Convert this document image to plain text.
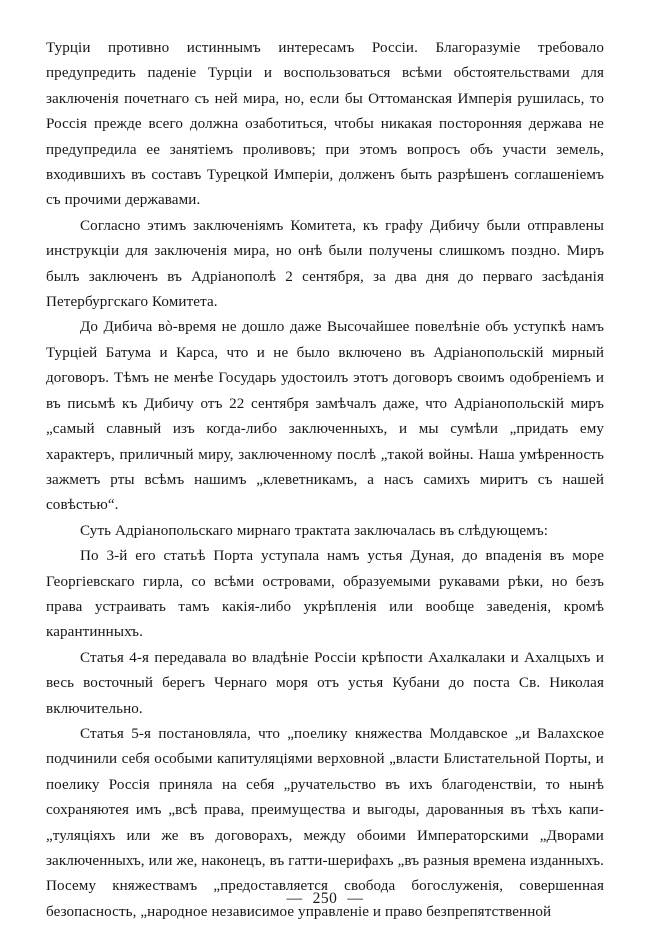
Турціи противно истиннымъ интересамъ Россіи. Благоразуміе требовало предупредить паденіе Турціи и воспользоваться всѣми обстоятельствами для заключенія почетнаго съ ней мира, но, если бы Оттоманская Имперія рушилась, то Россія прежде всего должна озаботиться, чтобы никакая посторонняя держава не предупредила ее занятіемъ проливовъ; при этомъ вопросъ объ участи земель, входившихъ въ составъ Турецкой Имперіи, долженъ быть разрѣшенъ соглашеніемъ съ прочими державами.

Согласно этимъ заключеніямъ Комитета, къ графу Дибичу были отправлены инструкціи для заключенія мира, но онѣ были получены слишкомъ поздно. Миръ былъ заключенъ въ Адріанополѣ 2 сентября, за два дня до перваго засѣданія Петербургскаго Комитета.

До Дибича вò-время не дошло даже Высочайшее повелѣніе объ уступкѣ намъ Турціей Батума и Карса, что и не было включено въ Адріанопольскій мирный договоръ. Тѣмъ не менѣе Государь удостоилъ этотъ договоръ своимъ одобреніемъ и въ письмѣ къ Дибичу отъ 22 сентября замѣчалъ даже, что Адріанопольскій миръ „самый славный изъ когда-либо заключенныхъ, и мы сумѣли „придать ему характеръ, приличный миру, заключенному послѣ „такой войны. Наша умѣренность зажметъ рты всѣмъ нашимъ „клеветникамъ, а насъ самихъ миритъ съ нашей совѣстью“.

Суть Адріанопольскаго мирнаго трактата заключалась въ слѣдующемъ:

По 3-й его статьѣ Порта уступала намъ устья Дуная, до впаденія въ море Георгіевскаго гирла, со всѣми островами, образуемыми рукавами рѣки, но безъ права устраивать тамъ какія-либо укрѣпленія или вообще заведенія, кромѣ карантинныхъ.

Статья 4-я передавала во владѣніе Россіи крѣпости Ахалкалаки и Ахалцыхъ и весь восточный берегъ Чернаго моря отъ устья Кубани до поста Св. Николая включительно.

Статья 5-я постановляла, что „поелику княжества Молдавское „и Валахское подчинили себя особыми капитуляціями верховной „власти Блистательной Порты, и поелику Россія приняла на себя „ручательство въ ихъ благоденствіи, то нынѣ сохраняютея имъ „всѣ права, преимущества и выгоды, дарованныя въ тѣхъ капи-„туляціяхъ или же въ договорахъ, между обоими Императорскими „Дворами заключенныхъ, или же, наконецъ, въ гатти-шерифахъ „въ разныя времена изданныхъ. Посему княжествамъ „предоставляется свобода богослуженія, совершенная безопасность, „народное независимое управленіе и право безпрепятственной

— 250 —
